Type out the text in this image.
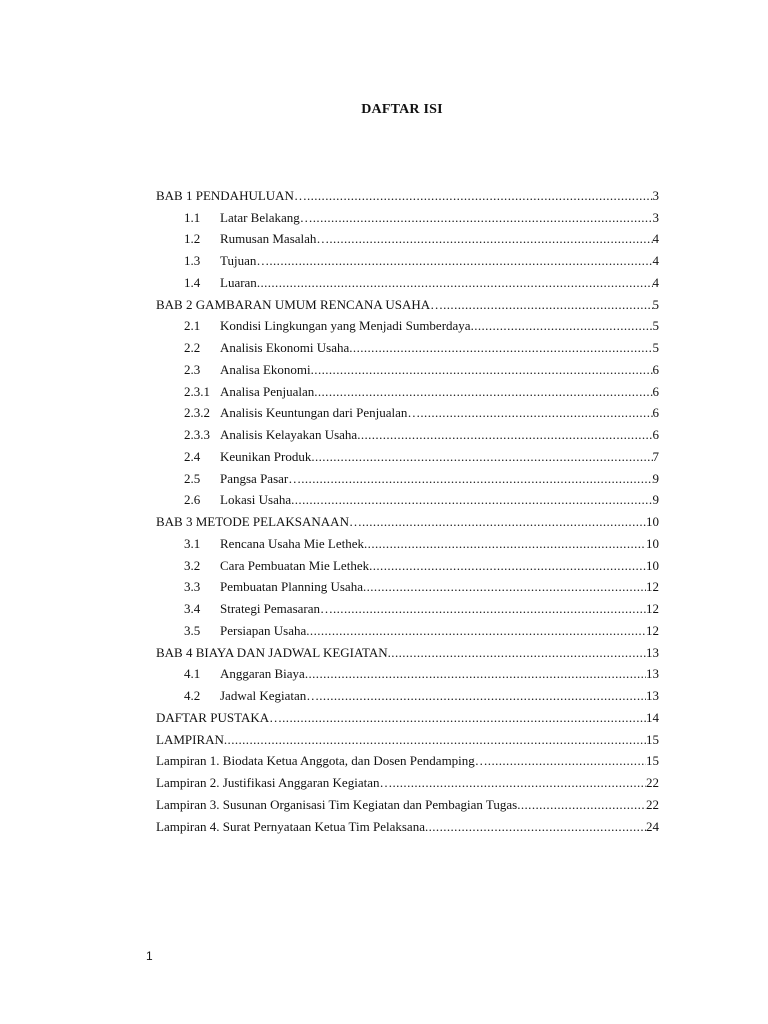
DAFTAR ISI
BAB 1 PENDAHULUAN… .....	3
1.1	Latar Belakang… .....	3
1.2	Rumusan Masalah… .....	4
1.3	Tujuan… .....	4
1.4	Luaran .....	4
BAB 2 GAMBARAN UMUM RENCANA USAHA… .....	5
2.1	Kondisi Lingkungan yang Menjadi Sumberdaya .....	5
2.2	Analisis Ekonomi Usaha .....	5
2.3	Analisa Ekonomi .....	6
2.3.1 Analisa Penjualan .....	6
2.3.2 Analisis Keuntungan dari Penjualan… .....	6
2.3.3 Analisis Kelayakan Usaha .....	6
2.4	Keunikan Produk .....	7
2.5	Pangsa Pasar… .....	9
2.6	Lokasi Usaha .....	9
BAB 3 METODE PELAKSANAAN… .....	10
3.1	Rencana Usaha Mie Lethek .....	10
3.2	Cara Pembuatan Mie Lethek .....	10
3.3	Pembuatan Planning Usaha .....	12
3.4	Strategi Pemasaran… .....	12
3.5	Persiapan Usaha .....	12
BAB 4 BIAYA DAN JADWAL KEGIATAN .....	13
4.1	Anggaran Biaya .....	13
4.2	Jadwal Kegiatan… .....	13
DAFTAR PUSTAKA… .....	14
LAMPIRAN .....	15
Lampiran 1. Biodata Ketua Anggota, dan Dosen Pendamping… .....	15
Lampiran 2. Justifikasi Anggaran Kegiatan… .....	22
Lampiran 3. Susunan Organisasi Tim Kegiatan dan Pembagian Tugas .....	22
Lampiran 4. Surat Pernyataan Ketua Tim Pelaksana .....	24
1
